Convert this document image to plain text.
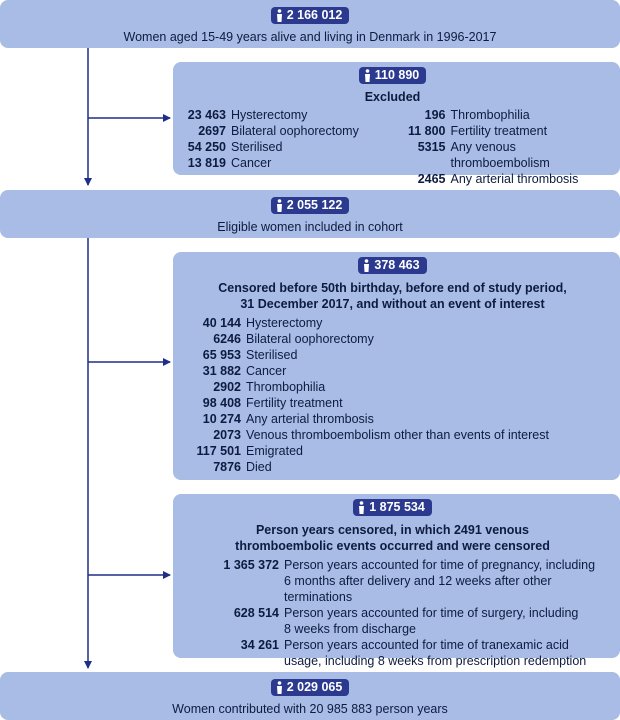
2 166 012
Women aged 15-49 years alive and living in Denmark in 1996-2017
110 890
Excluded
23 463 Hysterectomy
2697 Bilateral oophorectomy
54 250 Sterilised
13 819 Cancer
196 Thrombophilia
11 800 Fertility treatment
5315 Any venous thromboembolism
2465 Any arterial thrombosis
2 055 122
Eligible women included in cohort
378 463
Censored before 50th birthday, before end of study period,
31 December 2017, and without an event of interest
40 144 Hysterectomy
6246 Bilateral oophorectomy
65 953 Sterilised
31 882 Cancer
2902 Thrombophilia
98 408 Fertility treatment
10 274 Any arterial thrombosis
2073 Venous thromboembolism other than events of interest
117 501 Emigrated
7876 Died
1 875 534
Person years censored, in which 2491 venous
thromboembolic events occurred and were censored
1 365 372 Person years accounted for time of pregnancy, including
6 months after delivery and 12 weeks after other terminations
628 514 Person years accounted for time of surgery, including
8 weeks from discharge
34 261 Person years accounted for time of tranexamic acid
usage, including 8 weeks from prescription redemption
2 029 065
Women contributed with 20 985 883 person years
